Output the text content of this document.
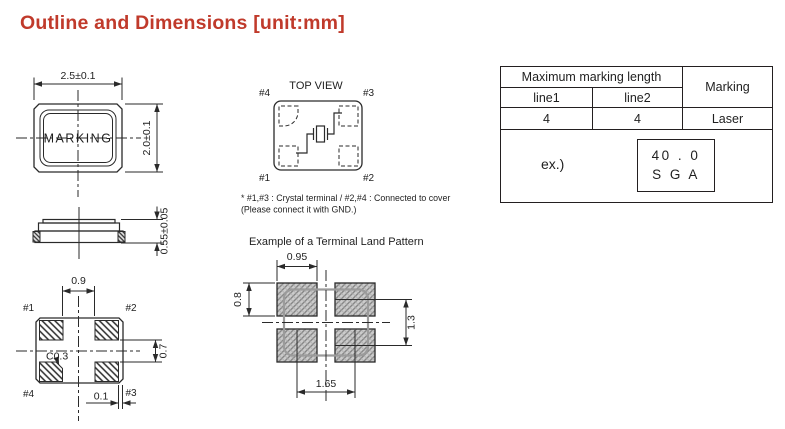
Outline and Dimensions [unit:mm]
2.5±0.1
2.0±0.1
MARKING
0.55±0.05
0.9
0.7
C0.3
0.1
#1	#2
#4	#3
TOP VIEW
#4	#3
#1	#2
* #1,#3 : Crystal terminal / #2,#4 : Connected to cover
(Please connect it with GND.)
Example of a Terminal Land Pattern
0.95
0.8
1.3
1.65
Maximum marking length		Marking
line1	line2	
4	4	Laser

ex.)
40 . 0
S G A		
